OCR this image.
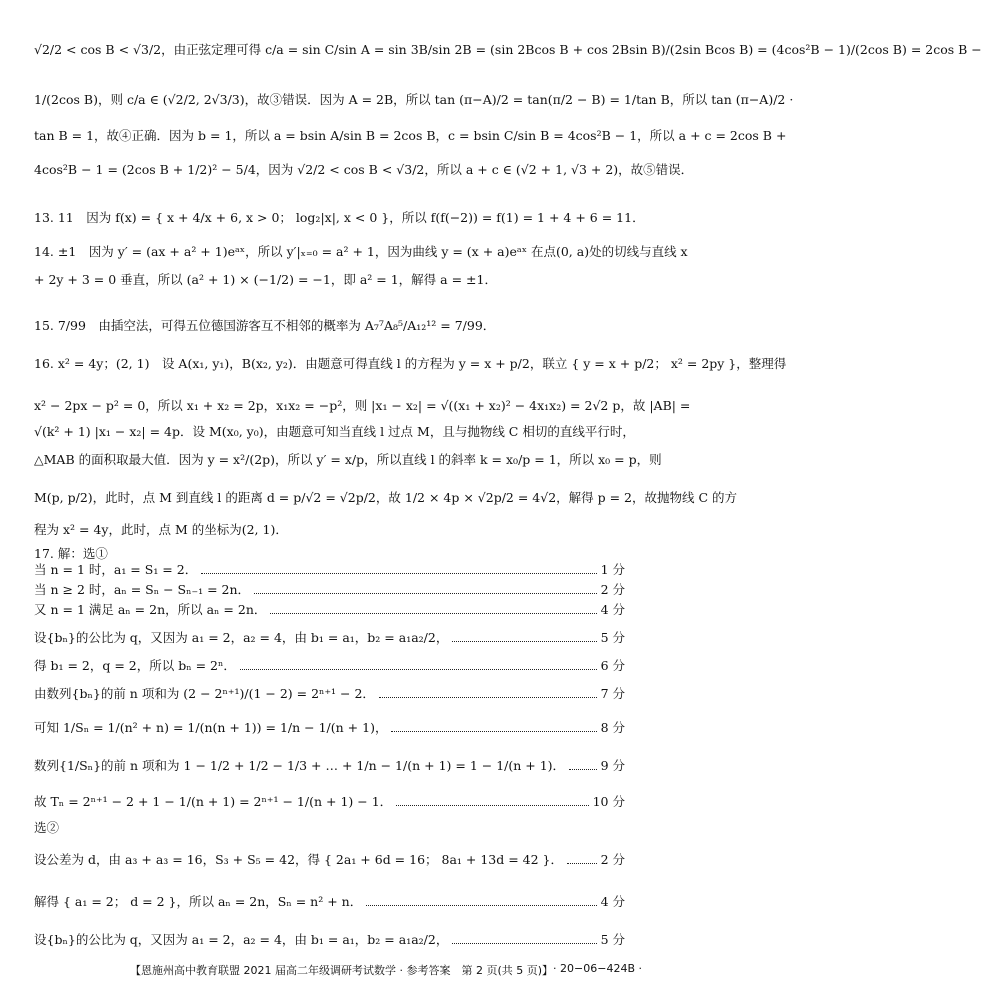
√2/2 < cos B < √3/2，由正弦定理可得 c/a = sin C/sin A = sin 3B/sin 2B = (sin 2Bcos B + cos 2Bsin B)/(2sin Bcos B) = (4cos²B − 1)/(2cos B) = 2cos B −
1/(2cos B)，则 c/a ∈ (√2/2, 2√3/3)，故③错误．因为 A = 2B，所以 tan (π−A)/2 = tan(π/2 − B) = 1/tan B，所以 tan (π−A)/2 ·
tan B = 1，故④正确．因为 b = 1，所以 a = bsin A/sin B = 2cos B，c = bsin C/sin B = 4cos²B − 1，所以 a + c = 2cos B +
4cos²B − 1 = (2cos B + 1/2)² − 5/4，因为 √2/2 < cos B < √3/2，所以 a + c ∈ (√2 + 1, √3 + 2)，故⑤错误．
13. 11　因为 f(x) = { x + 4/x + 6, x > 0； log₂|x|, x < 0 }，所以 f(f(−2)) = f(1) = 1 + 4 + 6 = 11．
14. ±1　因为 y′ = (ax + a² + 1)eᵃˣ，所以 y′|ₓ₌₀ = a² + 1，因为曲线 y = (x + a)eᵃˣ 在点(0, a)处的切线与直线 x
+ 2y + 3 = 0 垂直，所以 (a² + 1) × (−1/2) = −1，即 a² = 1，解得 a = ±1．
15. 7/99　由插空法，可得五位德国游客互不相邻的概率为 A₇⁷A₈⁵/A₁₂¹² = 7/99．
16. x² = 4y；(2, 1)　设 A(x₁, y₁)，B(x₂, y₂)．由题意可得直线 l 的方程为 y = x + p/2，联立 { y = x + p/2； x² = 2py }，整理得
x² − 2px − p² = 0，所以 x₁ + x₂ = 2p，x₁x₂ = −p²，则 |x₁ − x₂| = √((x₁ + x₂)² − 4x₁x₂) = 2√2 p，故 |AB| =
√(k² + 1) |x₁ − x₂| = 4p．设 M(x₀, y₀)，由题意可知当直线 l 过点 M，且与抛物线 C 相切的直线平行时，
△MAB 的面积取最大值．因为 y = x²/(2p)，所以 y′ = x/p，所以直线 l 的斜率 k = x₀/p = 1，所以 x₀ = p，则
M(p, p/2)，此时，点 M 到直线 l 的距离 d = p/√2 = √2p/2，故 1/2 × 4p × √2p/2 = 4√2，解得 p = 2，故抛物线 C 的方
程为 x² = 4y，此时，点 M 的坐标为(2, 1)．
17. 解：选①
当 n = 1 时，a₁ = S₁ = 2．	1 分
当 n ≥ 2 时，aₙ = Sₙ − Sₙ₋₁ = 2n．	2 分
又 n = 1 满足 aₙ = 2n，所以 aₙ = 2n．	4 分
设{bₙ}的公比为 q，又因为 a₁ = 2，a₂ = 4，由 b₁ = a₁，b₂ = a₁a₂/2，	5 分
得 b₁ = 2，q = 2，所以 bₙ = 2ⁿ．	6 分
由数列{bₙ}的前 n 项和为 (2 − 2ⁿ⁺¹)/(1 − 2) = 2ⁿ⁺¹ − 2．	7 分
可知 1/Sₙ = 1/(n² + n) = 1/(n(n + 1)) = 1/n − 1/(n + 1)，	8 分
数列{1/Sₙ}的前 n 项和为 1 − 1/2 + 1/2 − 1/3 + … + 1/n − 1/(n + 1) = 1 − 1/(n + 1)．	9 分
故 Tₙ = 2ⁿ⁺¹ − 2 + 1 − 1/(n + 1) = 2ⁿ⁺¹ − 1/(n + 1) − 1．	10 分
选②
设公差为 d，由 a₃ + a₃ = 16，S₃ + S₅ = 42，得 { 2a₁ + 6d = 16； 8a₁ + 13d = 42 }．	2 分
解得 { a₁ = 2； d = 2 }，所以 aₙ = 2n，Sₙ = n² + n．	4 分
设{bₙ}的公比为 q，又因为 a₁ = 2，a₂ = 4，由 b₁ = a₁，b₂ = a₁a₂/2，	5 分
【恩施州高中教育联盟 2021 届高二年级调研考试数学 · 参考答案　第 2 页(共 5 页)】 · 20−06−424B ·
